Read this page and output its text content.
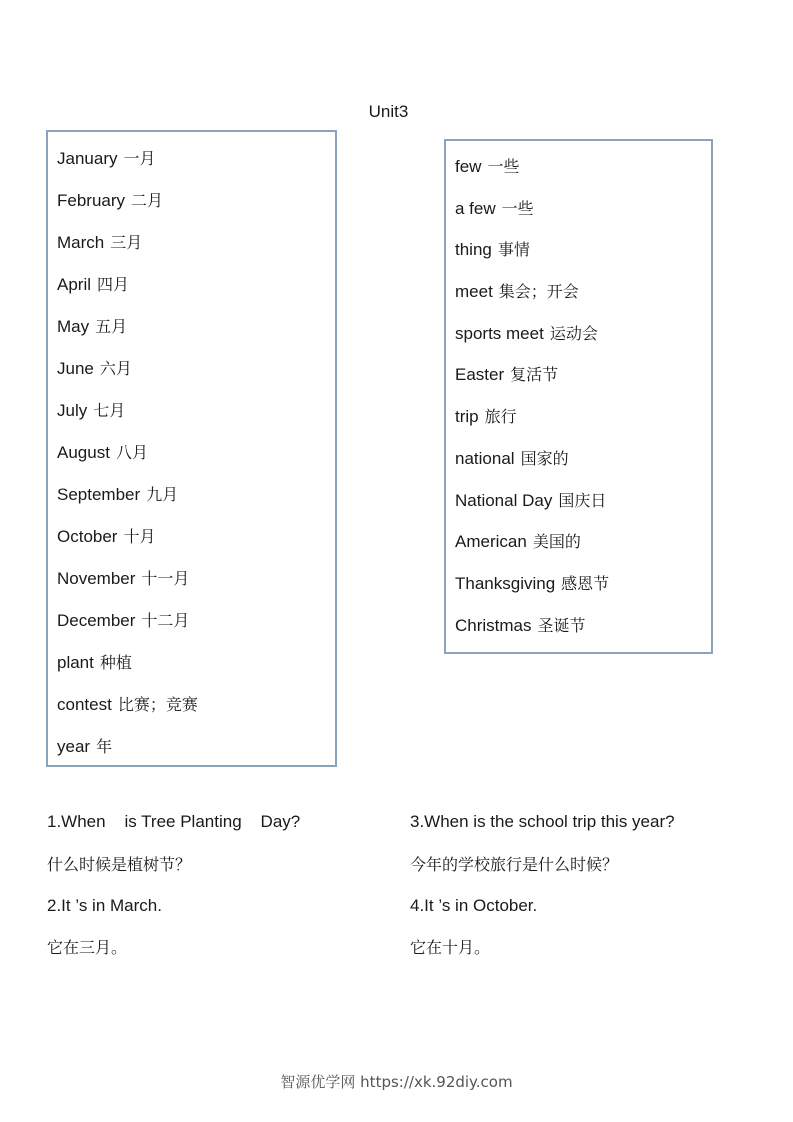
Unit3
January 一月
February 二月
March 三月
April 四月
May 五月
June 六月
July 七月
August 八月
September 九月
October 十月
November 十一月
December 十二月
plant 种植
contest 比赛；竞赛
year 年
few 一些
a few 一些
thing 事情
meet 集会；开会
sports meet 运动会
Easter 复活节
trip 旅行
national 国家的
National Day 国庆日
American 美国的
Thanksgiving 感恩节
Christmas 圣诞节
1.When    is Tree Planting    Day?
什么时候是植树节？
2.It ’s in March.
它在三月。
3.When is the school trip this year?
今年的学校旅行是什么时候？
4.It ’s in October.
它在十月。
智源优学网 https://xk.92diy.com
